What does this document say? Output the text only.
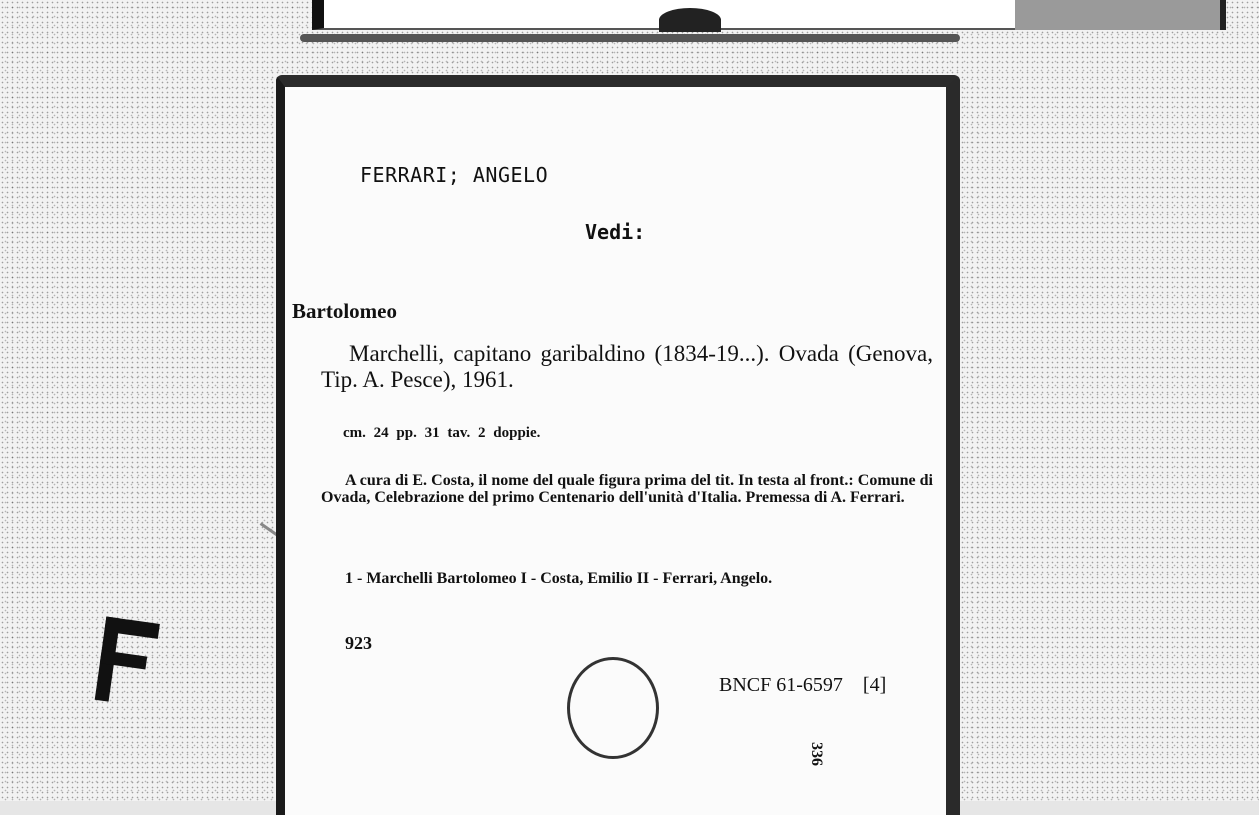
FERRARI; ANGELO
Vedi:
Bartolomeo
Marchelli, capitano garibaldino (1834-19⁠...). Ovada (Genova, Tip. A. Pesce), 1961.
cm. 24 pp. 31 tav. 2 doppie.
A cura di E. Costa, il nome del quale figura prima del tit. In testa al front.: Comune di Ovada, Celebrazione del primo Centenario dell'unità d'Italia. Premessa di A. Ferrari.
1 - Marchelli Bartolomeo I - Costa, Emilio II - Ferrari, Angelo.
923
BNCF 61-6597 [4]
336
